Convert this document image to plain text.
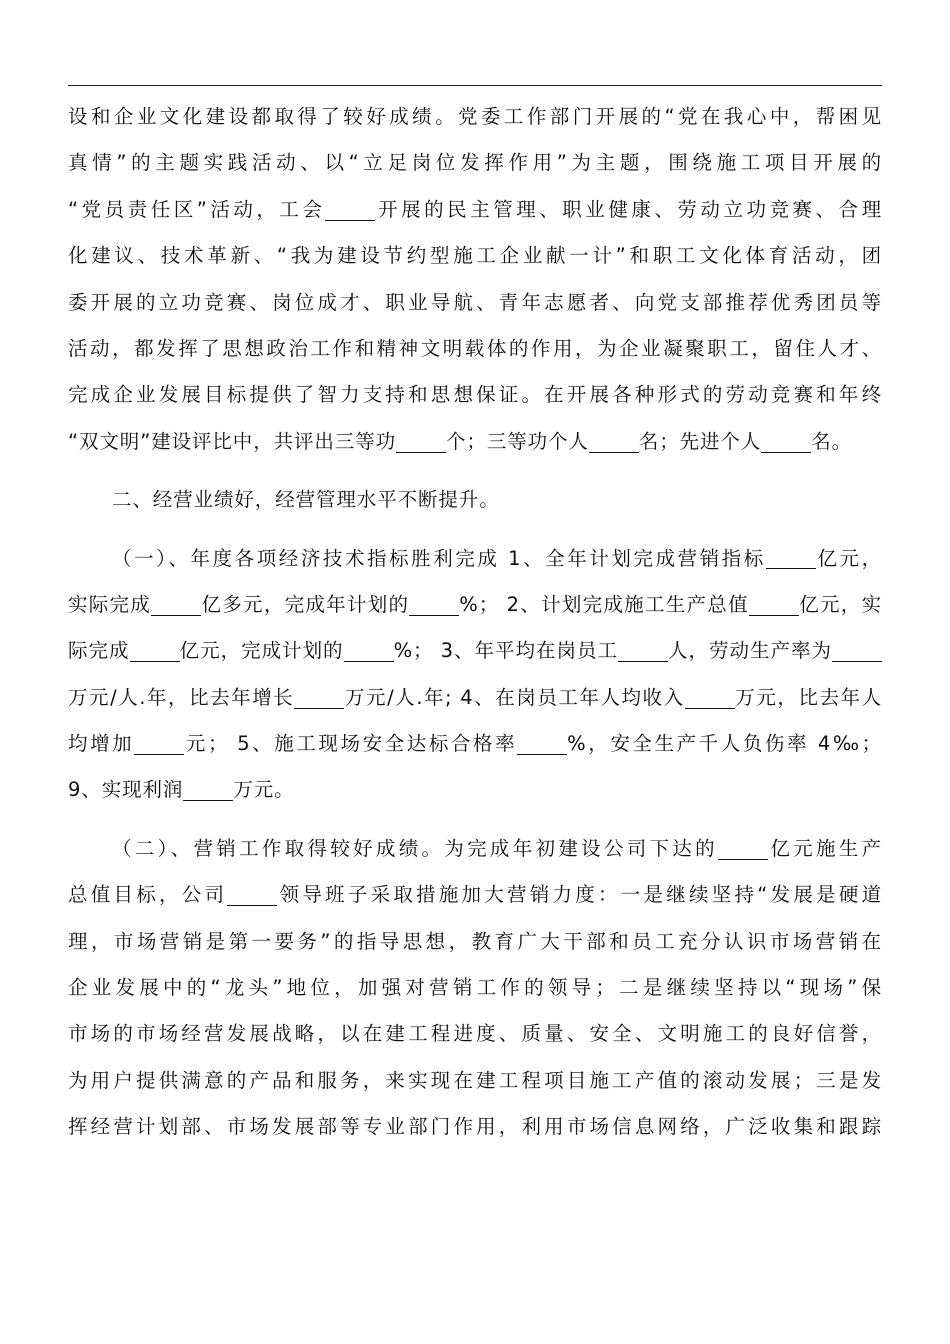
设和企业文化建设都取得了较好成绩。党委工作部门开展的“党在我心中，帮困见
真情”的主题实践活动、以“立足岗位发挥作用”为主题，围绕施工项目开展的
“党员责任区”活动，工会	开展的民主管理、职业健康、劳动立功竞赛、合理
化建议、技术革新、“我为建设节约型施工企业献一计”和职工文化体育活动，团
委开展的立功竞赛、岗位成才、职业导航、青年志愿者、向党支部推荐优秀团员等
活动，都发挥了思想政治工作和精神文明载体的作用，为企业凝聚职工，留住人才、
完成企业发展目标提供了智力支持和思想保证。在开展各种形式的劳动竞赛和年终
“双文明”建设评比中，共评出三等功	个；三等功个人	名；先进个人	名。
二、经营业绩好，经营管理水平不断提升。
（一）、年度各项经济技术指标胜利完成 1、全年计划完成营销指标	亿元，
实际完成	亿多元，完成年计划的	%； 2、计划完成施工生产总值	亿元，实
际完成	亿元，完成计划的	%； 3、年平均在岗员工	人，劳动生产率为
万元/人.年，比去年增长	万元/人.年; 4、在岗员工年人均收入	万元，比去年人
均增加	元； 5、施工现场安全达标合格率	%，安全生产千人负伤率 4‰；
9、实现利润	万元。
（二）、营销工作取得较好成绩。为完成年初建设公司下达的	亿元施生产
总值目标，公司	领导班子采取措施加大营销力度：一是继续坚持“发展是硬道
理，市场营销是第一要务”的指导思想，教育广大干部和员工充分认识市场营销在
企业发展中的“龙头”地位，加强对营销工作的领导；二是继续坚持以“现场”保
市场的市场经营发展战略，以在建工程进度、质量、安全、文明施工的良好信誉，
为用户提供满意的产品和服务，来实现在建工程项目施工产值的滚动发展；三是发
挥经营计划部、市场发展部等专业部门作用，利用市场信息网络，广泛收集和跟踪
